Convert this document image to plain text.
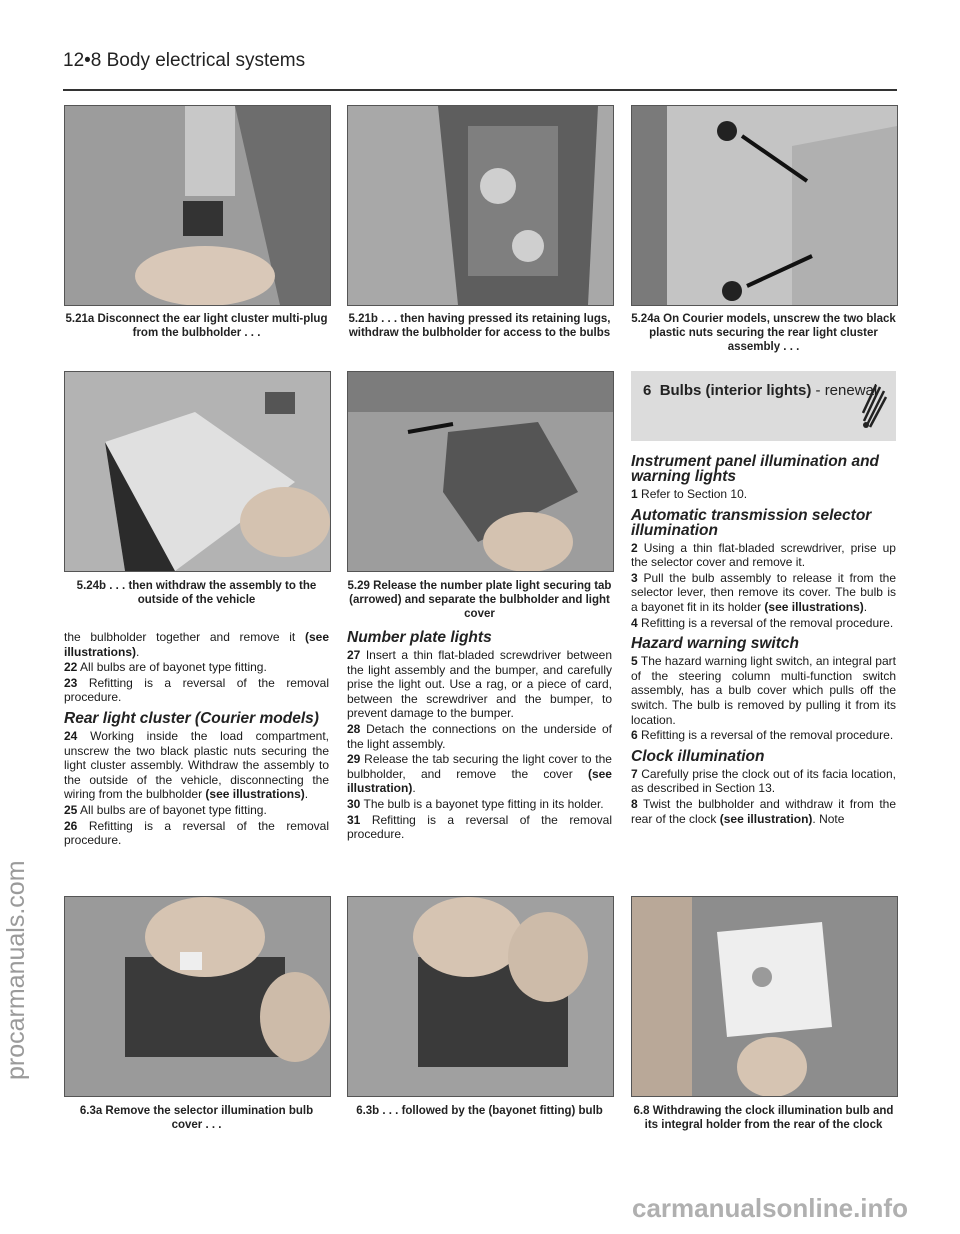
12•8 Body electrical systems
5.21a Disconnect the ear light cluster multi-plug from the bulbholder . . .
5.21b . . . then having pressed its retaining lugs, withdraw the bulbholder for access to the bulbs
5.24a On Courier models, unscrew the two black plastic nuts securing the rear light cluster assembly . . .
5.24b . . . then withdraw the assembly to the outside of the vehicle
5.29 Release the number plate light securing tab (arrowed) and separate the bulbholder and light cover
6 Bulbs (interior lights) - renewal

the bulbholder together and remove it (see illustrations).

22 All bulbs are of bayonet type fitting.

23 Refitting is a reversal of the removal procedure.

Rear light cluster (Courier models)

24 Working inside the load compartment, unscrew the two black plastic nuts securing the light cluster assembly. Withdraw the assembly to the outside of the vehicle, disconnecting the wiring from the bulbholder (see illustrations).

25 All bulbs are of bayonet type fitting.

26 Refitting is a reversal of the removal procedure.

Number plate lights

27 Insert a thin flat-bladed screwdriver between the light assembly and the bumper, and carefully prise the light out. Use a rag, or a piece of card, between the screwdriver and the bumper, to prevent damage to the bumper.

28 Detach the connections on the underside of the light assembly.

29 Release the tab securing the light cover to the bulbholder, and remove the cover (see illustration).

30 The bulb is a bayonet type fitting in its holder.

31 Refitting is a reversal of the removal procedure.

Instrument panel illumination and warning lights

1 Refer to Section 10.

Automatic transmission selector illumination

2 Using a thin flat-bladed screwdriver, prise up the selector cover and remove it.

3 Pull the bulb assembly to release it from the selector lever, then remove its cover. The bulb is a bayonet fit in its holder (see illustrations).

4 Refitting is a reversal of the removal procedure.

Hazard warning switch

5 The hazard warning light switch, an integral part of the steering column multi-function switch assembly, has a bulb cover which pulls off the switch. The bulb is removed by pulling it from its location.

6 Refitting is a reversal of the removal procedure.

Clock illumination

7 Carefully prise the clock out of its facia location, as described in Section 13.

8 Twist the bulbholder and withdraw it from the rear of the clock (see illustration). Note

6.3a Remove the selector illumination bulb cover . . .
6.3b . . . followed by the (bayonet fitting) bulb	6.8 Withdrawing the clock illumination bulb and its integral holder from the rear of the clock
procarmanuals.com
carmanualsonline.info
